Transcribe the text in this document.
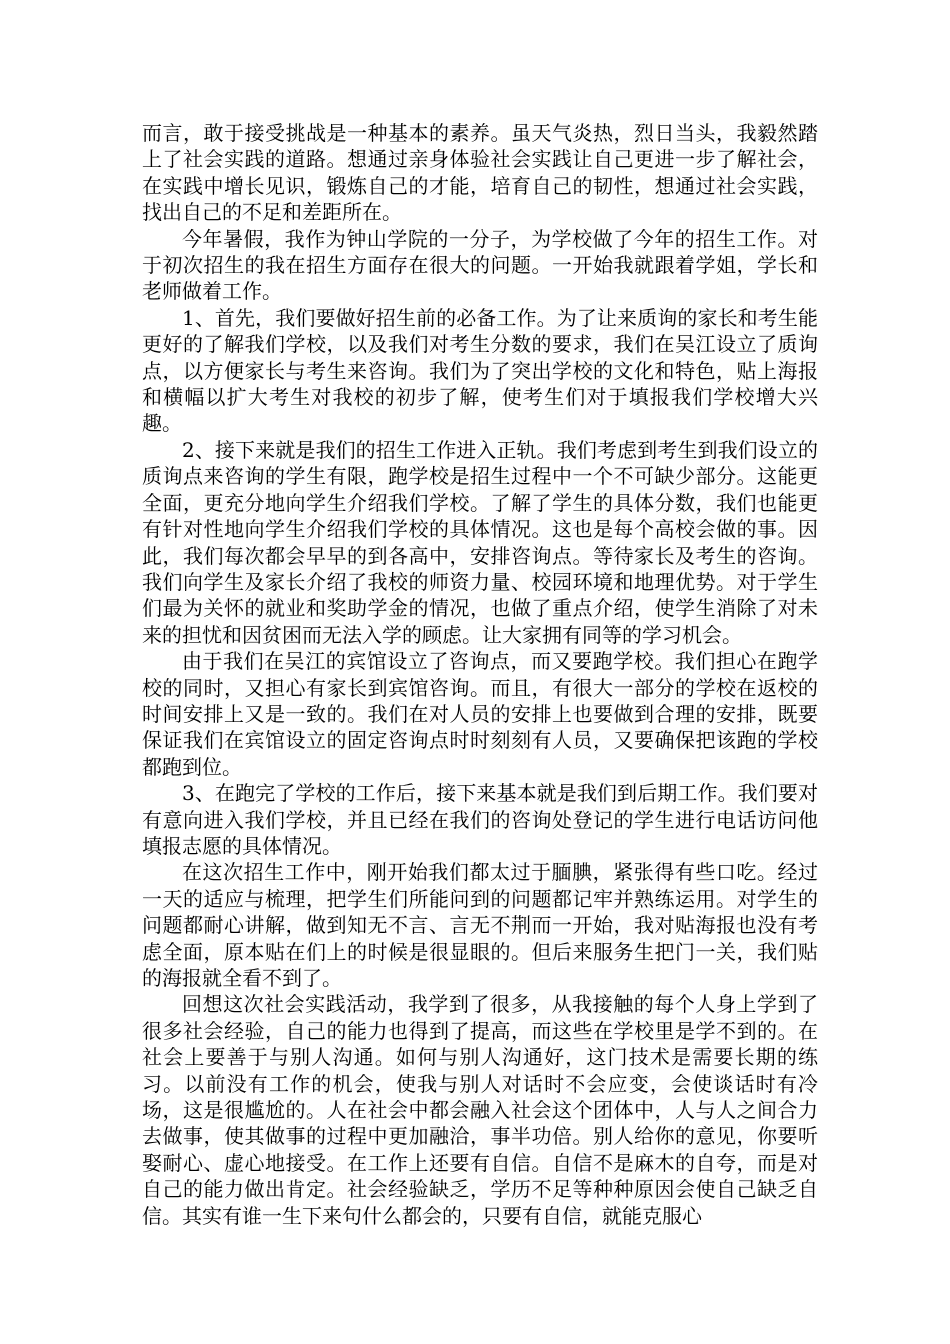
而言，敢于接受挑战是一种基本的素养。虽天气炎热，烈日当头，我毅然踏上了社会实践的道路。想通过亲身体验社会实践让自己更进一步了解社会，在实践中增长见识，锻炼自己的才能，培育自己的韧性，想通过社会实践，找出自己的不足和差距所在。

今年暑假，我作为钟山学院的一分子，为学校做了今年的招生工作。对于初次招生的我在招生方面存在很大的问题。一开始我就跟着学姐，学长和老师做着工作。

1、首先，我们要做好招生前的必备工作。为了让来质询的家长和考生能更好的了解我们学校，以及我们对考生分数的要求，我们在吴江设立了质询点，以方便家长与考生来咨询。我们为了突出学校的文化和特色，贴上海报和横幅以扩大考生对我校的初步了解，使考生们对于填报我们学校增大兴趣。

2、接下来就是我们的招生工作进入正轨。我们考虑到考生到我们设立的质询点来咨询的学生有限，跑学校是招生过程中一个不可缺少部分。这能更全面，更充分地向学生介绍我们学校。了解了学生的具体分数，我们也能更有针对性地向学生介绍我们学校的具体情况。这也是每个高校会做的事。因此，我们每次都会早早的到各高中，安排咨询点。等待家长及考生的咨询。我们向学生及家长介绍了我校的师资力量、校园环境和地理优势。对于学生们最为关怀的就业和奖助学金的情况，也做了重点介绍，使学生消除了对未来的担忧和因贫困而无法入学的顾虑。让大家拥有同等的学习机会。

由于我们在吴江的宾馆设立了咨询点，而又要跑学校。我们担心在跑学校的同时，又担心有家长到宾馆咨询。而且，有很大一部分的学校在返校的时间安排上又是一致的。我们在对人员的安排上也要做到合理的安排，既要保证我们在宾馆设立的固定咨询点时时刻刻有人员，又要确保把该跑的学校都跑到位。

3、在跑完了学校的工作后，接下来基本就是我们到后期工作。我们要对有意向进入我们学校，并且已经在我们的咨询处登记的学生进行电话访问他填报志愿的具体情况。

在这次招生工作中，刚开始我们都太过于腼腆，紧张得有些口吃。经过一天的适应与梳理，把学生们所能问到的问题都记牢并熟练运用。对学生的问题都耐心讲解，做到知无不言、言无不荆而一开始，我对贴海报也没有考虑全面，原本贴在们上的时候是很显眼的。但后来服务生把门一关，我们贴的海报就全看不到了。

回想这次社会实践活动，我学到了很多，从我接触的每个人身上学到了很多社会经验，自己的能力也得到了提高，而这些在学校里是学不到的。在社会上要善于与别人沟通。如何与别人沟通好，这门技术是需要长期的练习。以前没有工作的机会，使我与别人对话时不会应变，会使谈话时有冷场，这是很尴尬的。人在社会中都会融入社会这个团体中，人与人之间合力去做事，使其做事的过程中更加融洽，事半功倍。别人给你的意见，你要听娶耐心、虚心地接受。在工作上还要有自信。自信不是麻木的自夸，而是对自己的能力做出肯定。社会经验缺乏，学历不足等种种原因会使自己缺乏自信。其实有谁一生下来句什么都会的，只要有自信，就能克服心
